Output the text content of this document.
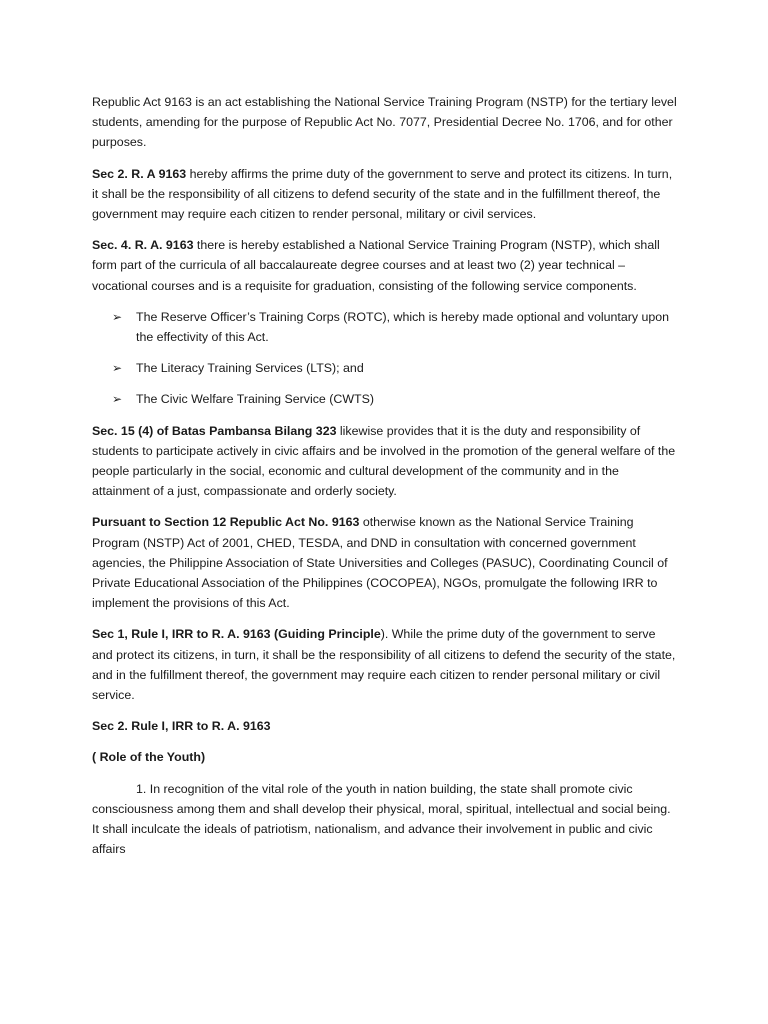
Republic Act 9163 is an act establishing the National Service Training Program (NSTP) for the tertiary level students, amending for the purpose of Republic Act No. 7077, Presidential Decree No. 1706, and for other purposes.

Sec 2. R. A 9163 hereby affirms the prime duty of the government to serve and protect its citizens. In turn, it shall be the responsibility of all citizens to defend security of the state and in the fulfillment thereof, the government may require each citizen to render personal, military or civil services.

Sec. 4. R. A. 9163 there is hereby established a National Service Training Program (NSTP), which shall form part of the curricula of all baccalaureate degree courses and at least two (2) year technical – vocational courses and is a requisite for graduation, consisting of the following service components.

➢	The Reserve Officer’s Training Corps (ROTC), which is hereby made optional and voluntary upon the effectivity of this Act.
➢	The Literacy Training Services (LTS); and
➢	The Civic Welfare Training Service (CWTS)

Sec. 15 (4) of Batas Pambansa Bilang 323 likewise provides that it is the duty and responsibility of students to participate actively in civic affairs and be involved in the promotion of the general welfare of the people particularly in the social, economic and cultural development of the community and in the attainment of a just, compassionate and orderly society.

Pursuant to Section 12 Republic Act No. 9163 otherwise known as the National Service Training Program (NSTP) Act of 2001, CHED, TESDA, and DND in consultation with concerned government agencies, the Philippine Association of State Universities and Colleges (PASUC), Coordinating Council of Private Educational Association of the Philippines (COCOPEA), NGOs, promulgate the following IRR to implement the provisions of this Act.

Sec 1, Rule I, IRR to R. A. 9163 (Guiding Principle). While the prime duty of the government to serve and protect its citizens, in turn, it shall be the responsibility of all citizens to defend the security of the state, and in the fulfillment thereof, the government may require each citizen to render personal military or civil service.

Sec 2. Rule I, IRR to R. A. 9163

( Role of the Youth)

1. In recognition of the vital role of the youth in nation building, the state shall promote civic consciousness among them and shall develop their physical, moral, spiritual, intellectual and social being. It shall inculcate the ideals of patriotism, nationalism, and advance their involvement in public and civic affairs
